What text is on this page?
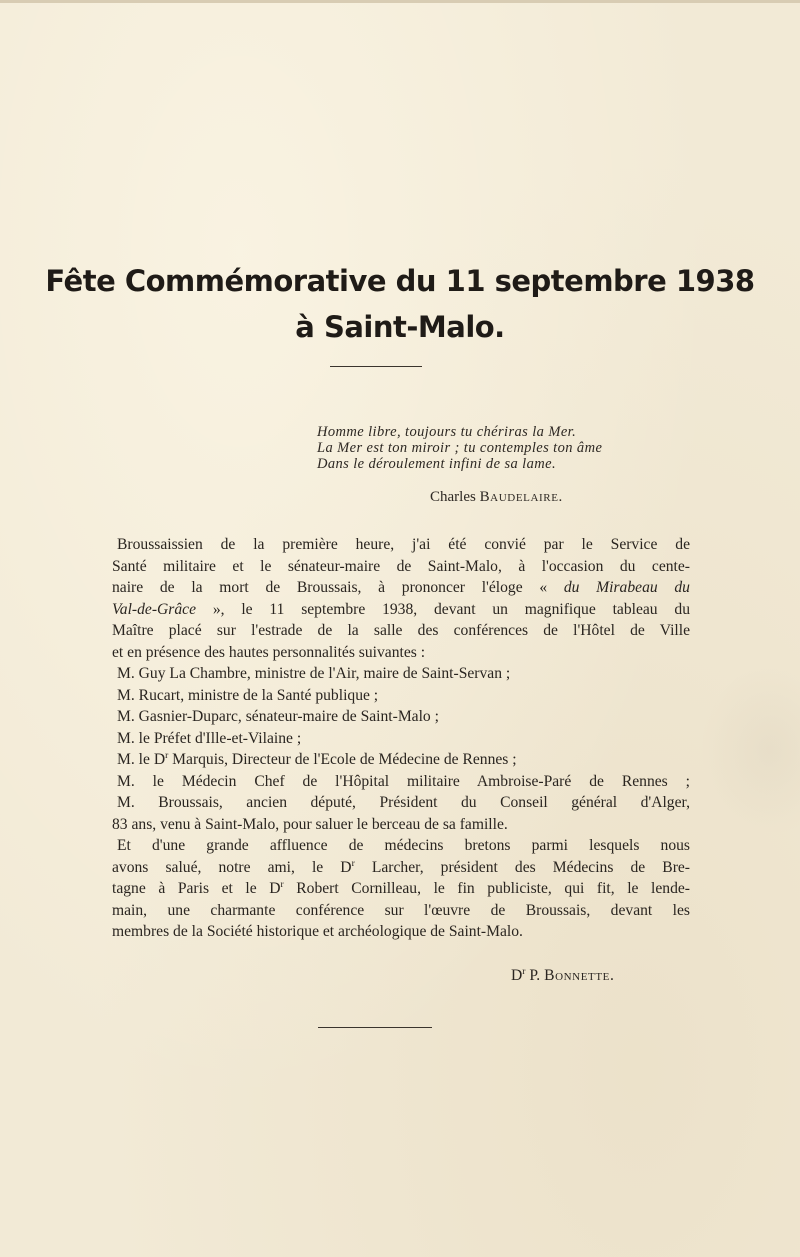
Fête Commémorative du 11 septembre 1938
à Saint-Malo.
Homme libre, toujours tu chériras la Mer.
La Mer est ton miroir ; tu contemples ton âme
Dans le déroulement infini de sa lame.
Charles Baudelaire.
Broussaissien de la première heure, j'ai été convié par le Service de
Santé militaire et le sénateur-maire de Saint-Malo, à l'occasion du cente-
naire de la mort de Broussais, à prononcer l'éloge « du Mirabeau du
Val-de-Grâce », le 11 septembre 1938, devant un magnifique tableau du
Maître placé sur l'estrade de la salle des conférences de l'Hôtel de Ville
et en présence des hautes personnalités suivantes :
M. Guy La Chambre, ministre de l'Air, maire de Saint-Servan ;
M. Rucart, ministre de la Santé publique ;
M. Gasnier-Duparc, sénateur-maire de Saint-Malo ;
M. le Préfet d'Ille-et-Vilaine ;
M. le $D^r$ Marquis, Directeur de l'Ecole de Médecine de Rennes ;
M. le Médecin Chef de l'Hôpital militaire Ambroise-Paré de Rennes ;
M. Broussais, ancien député, Président du Conseil général d'Alger,
83 ans, venu à Saint-Malo, pour saluer le berceau de sa famille.
Et d'une grande affluence de médecins bretons parmi lesquels nous
avons salué, notre ami, le $D^r$ Larcher, président des Médecins de Bre-
tagne à Paris et le $D^r$ Robert Cornilleau, le fin publiciste, qui fit, le lende-
main, une charmante conférence sur l'œuvre de Broussais, devant les
membres de la Société historique et archéologique de Saint-Malo.
$D^r$ P. Bonnette.
